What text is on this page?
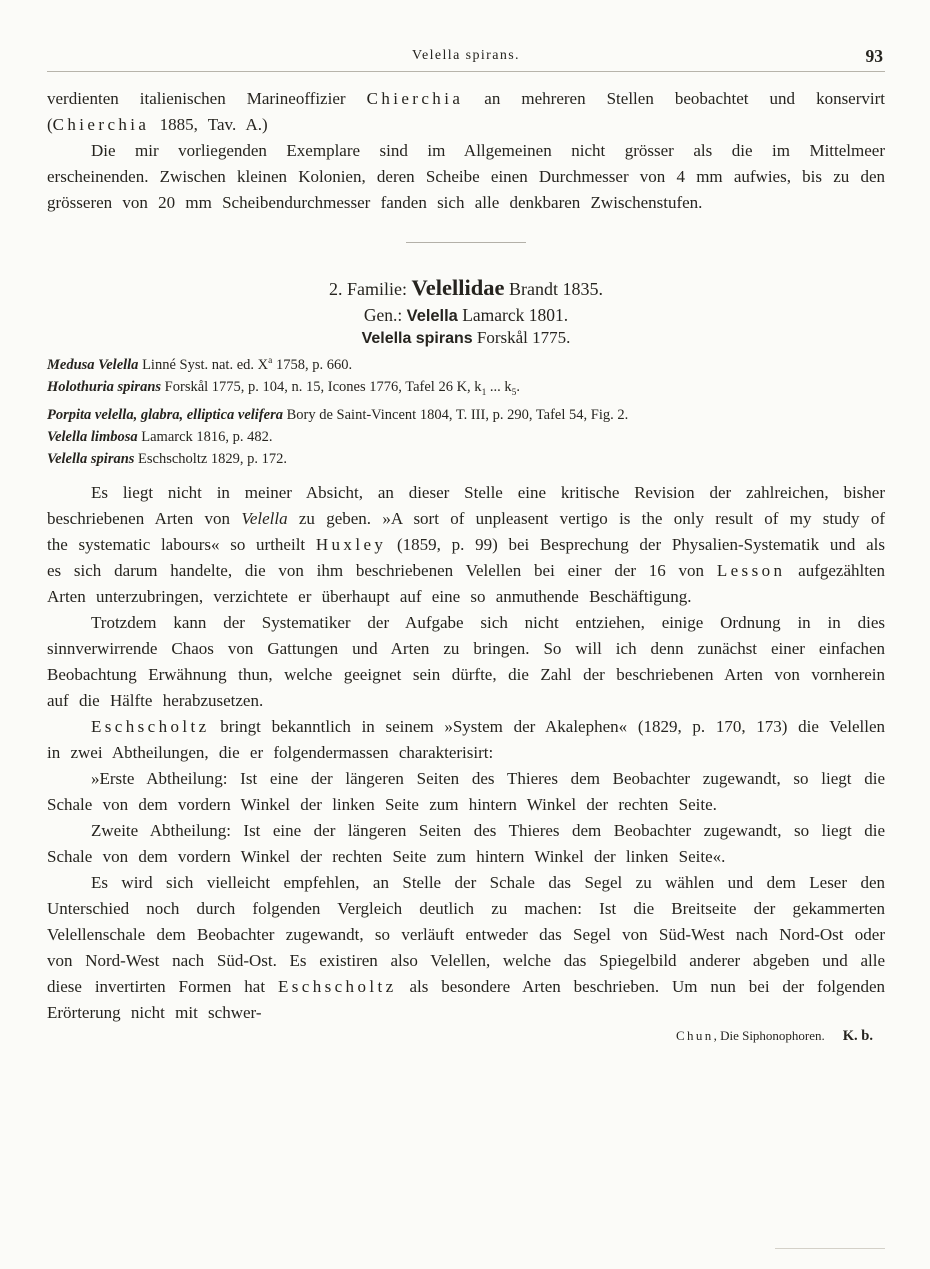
Velella spirans.	93

verdienten italienischen Marineoffizier Chierchia an mehreren Stellen beobachtet und konservirt (Chierchia 1885, Tav. A.)

Die mir vorliegenden Exemplare sind im Allgemeinen nicht grösser als die im Mittelmeer erscheinenden. Zwischen kleinen Kolonien, deren Scheibe einen Durchmesser von 4 mm aufwies, bis zu den grösseren von 20 mm Scheibendurchmesser fanden sich alle denkbaren Zwischenstufen.

2. Familie: Velellidae Brandt 1835.

Gen.: Velella Lamarck 1801.

Velella spirans Forskål 1775.

Medusa Velella Linné Syst. nat. ed. $X^a$ 1758, p. 660.

Holothuria spirans Forskål 1775, p. 104, n. 15, Icones 1776, Tafel 26 K, $k_1$ ... $k_5$.

Porpita velella, glabra, elliptica velifera Bory de Saint-Vincent 1804, T. III, p. 290, Tafel 54, Fig. 2.

Velella limbosa Lamarck 1816, p. 482.

Velella spirans Eschscholtz 1829, p. 172.

Es liegt nicht in meiner Absicht, an dieser Stelle eine kritische Revision der zahlreichen, bisher beschriebenen Arten von Velella zu geben. »A sort of unpleasent vertigo is the only result of my study of the systematic labours« so urtheilt Huxley (1859, p. 99) bei Besprechung der Physalien-Systematik und als es sich darum handelte, die von ihm beschriebenen Velellen bei einer der 16 von Lesson aufgezählten Arten unterzubringen, verzichtete er überhaupt auf eine so anmuthende Beschäftigung.

Trotzdem kann der Systematiker der Aufgabe sich nicht entziehen, einige Ordnung in in dies sinnverwirrende Chaos von Gattungen und Arten zu bringen. So will ich denn zunächst einer einfachen Beobachtung Erwähnung thun, welche geeignet sein dürfte, die Zahl der beschriebenen Arten von vornherein auf die Hälfte herabzusetzen.

Eschscholtz bringt bekanntlich in seinem »System der Akalephen« (1829, p. 170, 173) die Velellen in zwei Abtheilungen, die er folgendermassen charakterisirt:

»Erste Abtheilung: Ist eine der längeren Seiten des Thieres dem Beobachter zugewandt, so liegt die Schale von dem vordern Winkel der linken Seite zum hintern Winkel der rechten Seite.

Zweite Abtheilung: Ist eine der längeren Seiten des Thieres dem Beobachter zugewandt, so liegt die Schale von dem vordern Winkel der rechten Seite zum hintern Winkel der linken Seite«.

Es wird sich vielleicht empfehlen, an Stelle der Schale das Segel zu wählen und dem Leser den Unterschied noch durch folgenden Vergleich deutlich zu machen: Ist die Breitseite der gekammerten Velellenschale dem Beobachter zugewandt, so verläuft entweder das Segel von Süd-West nach Nord-Ost oder von Nord-West nach Süd-Ost. Es existiren also Velellen, welche das Spiegelbild anderer abgeben und alle diese invertirten Formen hat Eschscholtz als besondere Arten beschrieben. Um nun bei der folgenden Erörterung nicht mit schwer-

Chun, Die Siphonophoren. K. b.
